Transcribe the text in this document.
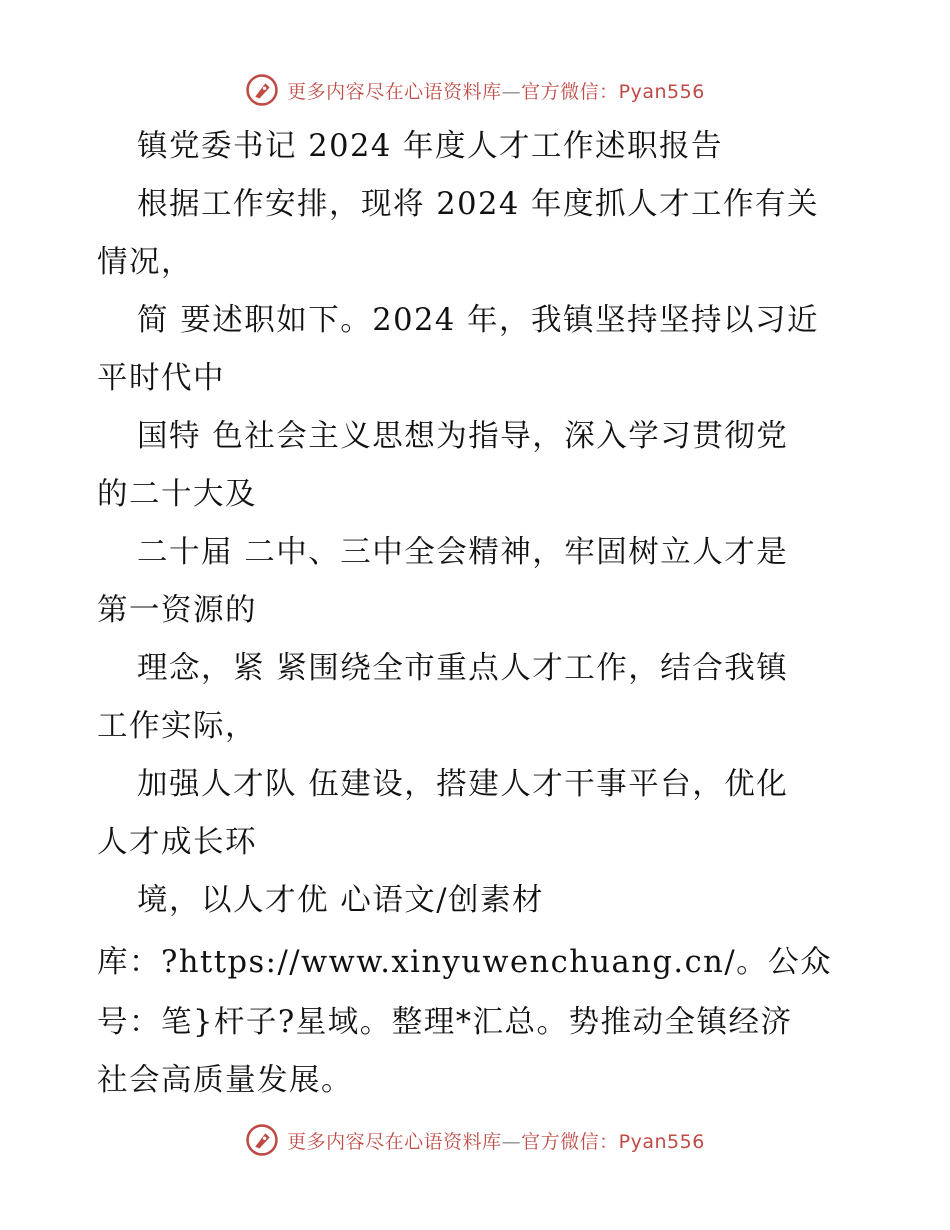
更多内容尽在心语资料库—官方微信：Pyan556
镇党委书记 2024 年度人才工作述职报告
根据工作安排，现将 2024 年度抓人才工作有关
情况，
简 要述职如下。2024 年，我镇坚持坚持以习近
平时代中
国特 色社会主义思想为指导，深入学习贯彻党
的二十大及
二十届 二中、三中全会精神，牢固树立人才是
第一资源的
理念，紧 紧围绕全市重点人才工作，结合我镇
工作实际，
加强人才队 伍建设，搭建人才干事平台，优化
人才成长环
境，以人才优 心语文/创素材
库：?https://www.xinyuwenchuang.cn/。公众
号：笔}杆子?星域。整理*汇总。势推动全镇经济
社会高质量发展。
更多内容尽在心语资料库—官方微信：Pyan556
